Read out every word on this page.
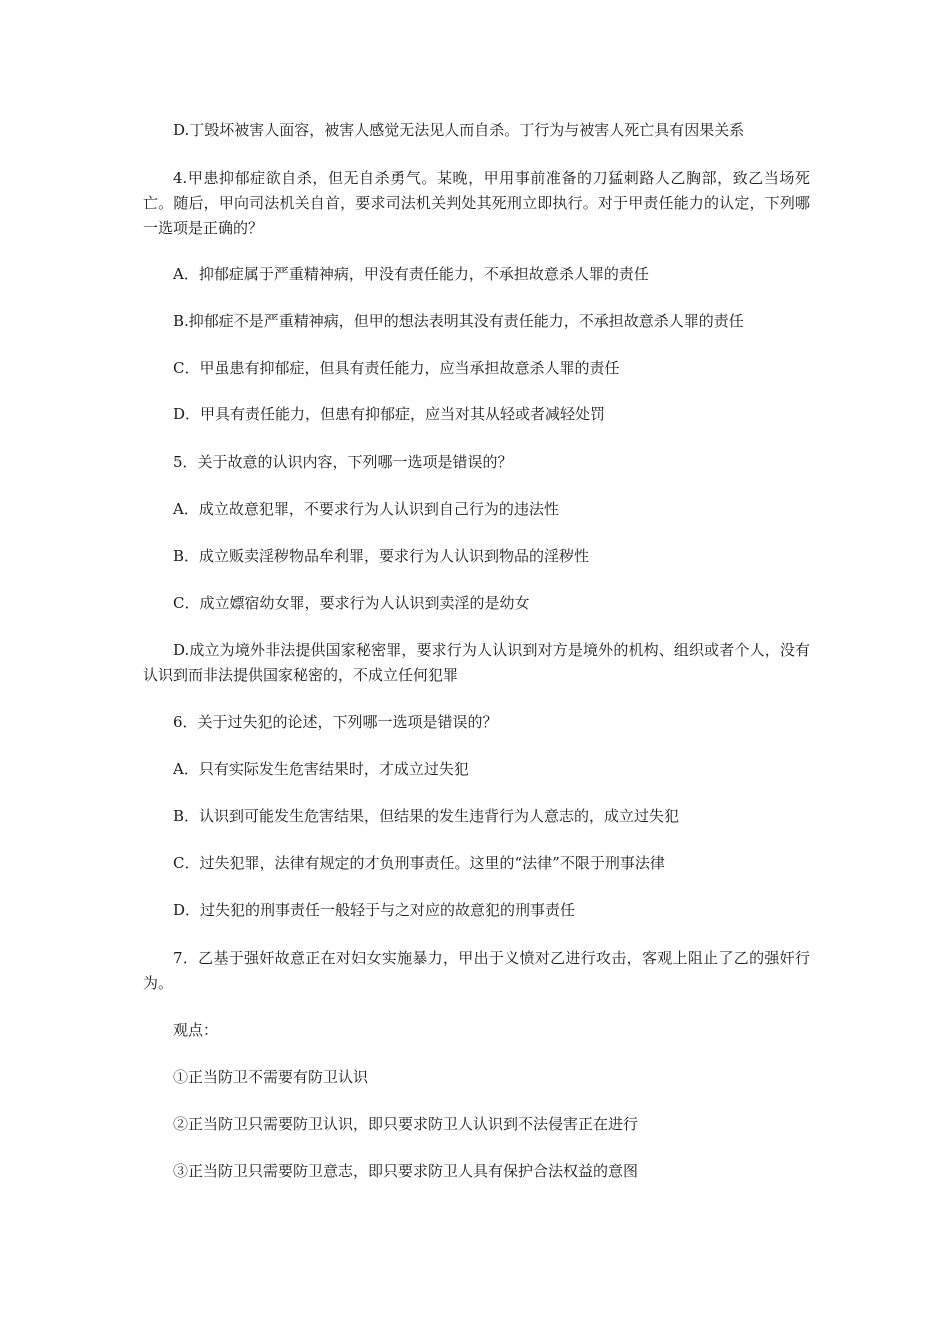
D.丁毁坏被害人面容，被害人感觉无法见人而自杀。丁行为与被害人死亡具有因果关系

4.甲患抑郁症欲自杀，但无自杀勇气。某晚，甲用事前准备的刀猛刺路人乙胸部，致乙当场死亡。随后，甲向司法机关自首，要求司法机关判处其死刑立即执行。对于甲责任能力的认定，下列哪一选项是正确的？

A．抑郁症属于严重精神病，甲没有责任能力，不承担故意杀人罪的责任

B.抑郁症不是严重精神病，但甲的想法表明其没有责任能力，不承担故意杀人罪的责任

C．甲虽患有抑郁症，但具有责任能力，应当承担故意杀人罪的责任

D．甲具有责任能力，但患有抑郁症，应当对其从轻或者减轻处罚

5．关于故意的认识内容，下列哪一选项是错误的？

A．成立故意犯罪，不要求行为人认识到自己行为的违法性

B．成立贩卖淫秽物品牟利罪，要求行为人认识到物品的淫秽性

C．成立嫖宿幼女罪，要求行为人认识到卖淫的是幼女

D.成立为境外非法提供国家秘密罪，要求行为人认识到对方是境外的机构、组织或者个人，没有认识到而非法提供国家秘密的，不成立任何犯罪

6．关于过失犯的论述，下列哪一选项是错误的？

A．只有实际发生危害结果时，才成立过失犯

B．认识到可能发生危害结果，但结果的发生违背行为人意志的，成立过失犯

C．过失犯罪，法律有规定的才负刑事责任。这里的“法律”不限于刑事法律

D．过失犯的刑事责任一般轻于与之对应的故意犯的刑事责任

7．乙基于强奸故意正在对妇女实施暴力，甲出于义愤对乙进行攻击，客观上阻止了乙的强奸行为。

观点：

①正当防卫不需要有防卫认识

②正当防卫只需要防卫认识，即只要求防卫人认识到不法侵害正在进行

③正当防卫只需要防卫意志，即只要求防卫人具有保护合法权益的意图
